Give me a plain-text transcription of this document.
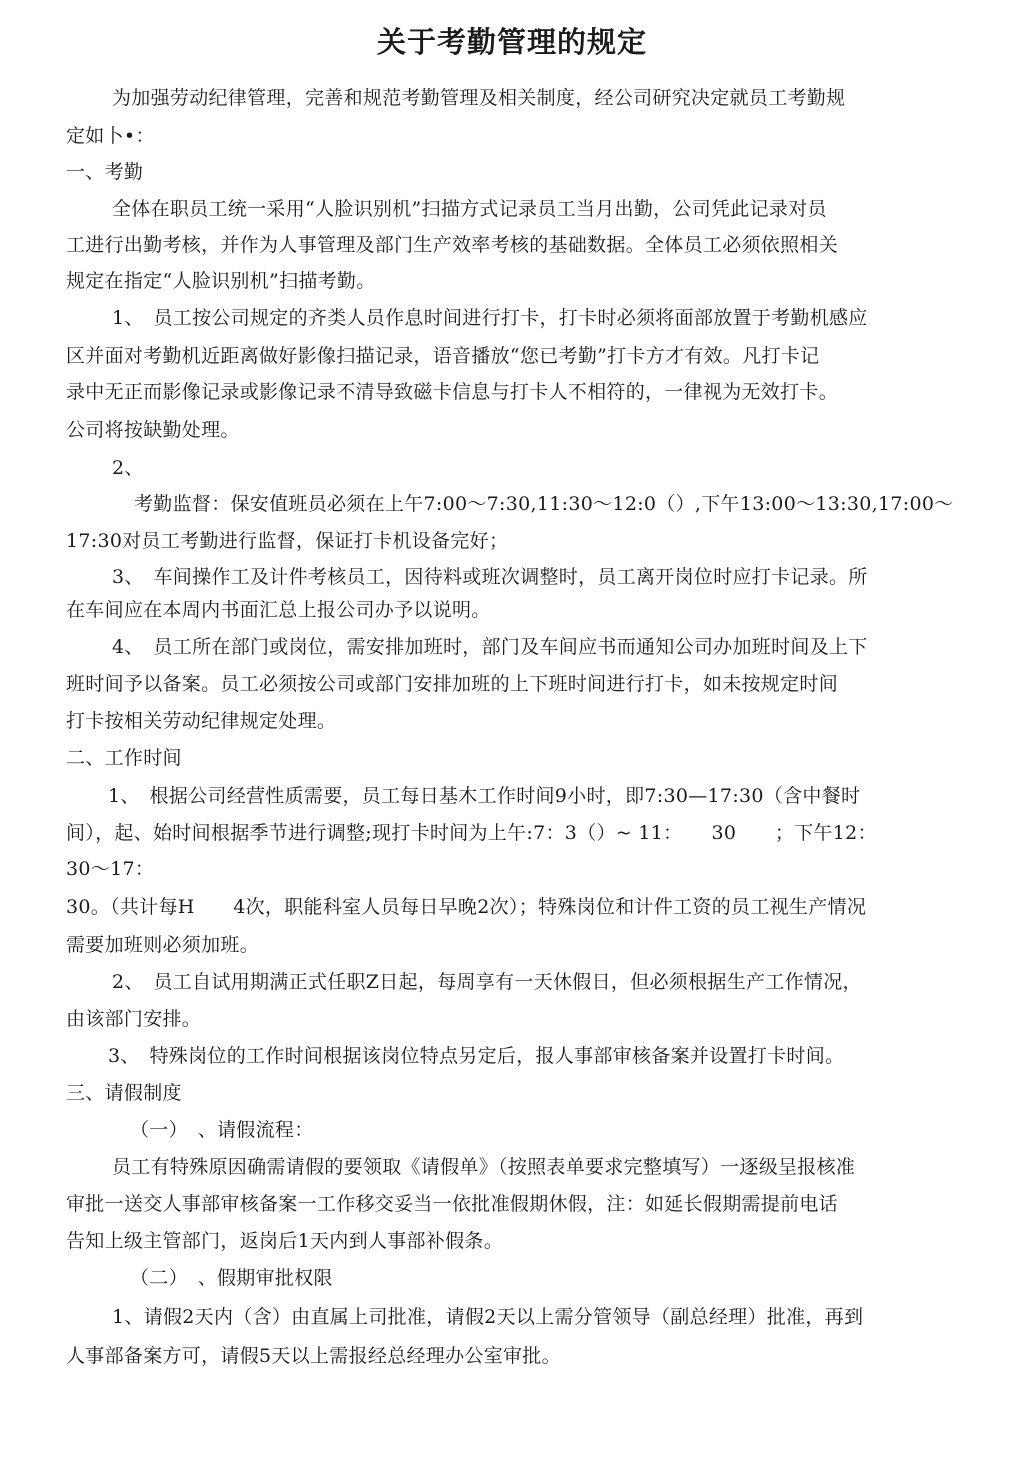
关于考勤管理的规定
为加强劳动纪律管理，完善和规范考勤管理及相关制度，经公司研究决定就员工考勤规
定如卜•：
一、考勤
全体在职员工统一采用“人脸识别机”扫描方式记录员工当月出勤，公司凭此记录对员
工进行出勤考核，并作为人事管理及部门生产效率考核的基础数据。全体员工必须依照相关
规定在指定“人脸识别机”扫描考勤。
1、　员工按公司规定的齐类人员作息时间进行打卡，打卡时必须将面部放置于考勤机感应
区并面对考勤机近距离做好影像扫描记录，语音播放“您已考勤”打卡方才有效。凡打卡记
录中无正而影像记录或影像记录不清导致磁卡信息与打卡人不相符的，一律视为无效打卡。
公司将按缺勤处理。
2、
考勤监督：保安值班员必须在上午7:00～7:30,11:30～12:0（）,下午13:00～13:30,17:00～
17:30对员工考勤进行监督，保证打卡机设备完好；
3、　车间操作工及计件考核员工，因待料或班次调整时，员工离开岗位时应打卡记录。所
在车间应在本周内书面汇总上报公司办予以说明。
4、　员工所在部门或岗位，需安排加班时，部门及车间应书而通知公司办加班时间及上下
班时间予以备案。员工必须按公司或部门安排加班的上下班时间进行打卡，如未按规定时间
打卡按相关劳动纪律规定处理。
二、工作时间
1、　根据公司经营性质需要，员工每日基木工作时间9小时，即7:30—17:30（含中餐时
间），起、始时间根据季节进行调整;现打卡时间为上午:7：3（）~ 11：　　30　　；下午12：
30～17：
30。（共计每H　　4次，职能科室人员每日早晚2次）；特殊岗位和计件工资的员工视生产情况
需要加班则必须加班。
2、　员工自试用期满正式任职Z日起，每周享有一天休假日，但必须根据生产工作情况，
由该部门安排。
3、　特殊岗位的工作时间根据该岗位特点另定后，报人事部审核备案并设置打卡时间。
三、请假制度
（一）　、请假流程：
员工有特殊原因确需请假的要领取《请假单》（按照表单要求完整填写）一逐级呈报核准
审批一送交人事部审核备案一工作移交妥当一依批准假期休假，注：如延长假期需提前电话
告知上级主管部门，返岗后1天内到人事部补假条。
（二）　、假期审批权限
1、请假2天内（含）由直属上司批准，请假2天以上需分管领导（副总经理）批准，再到
人事部备案方可，请假5天以上需报经总经理办公室审批。
